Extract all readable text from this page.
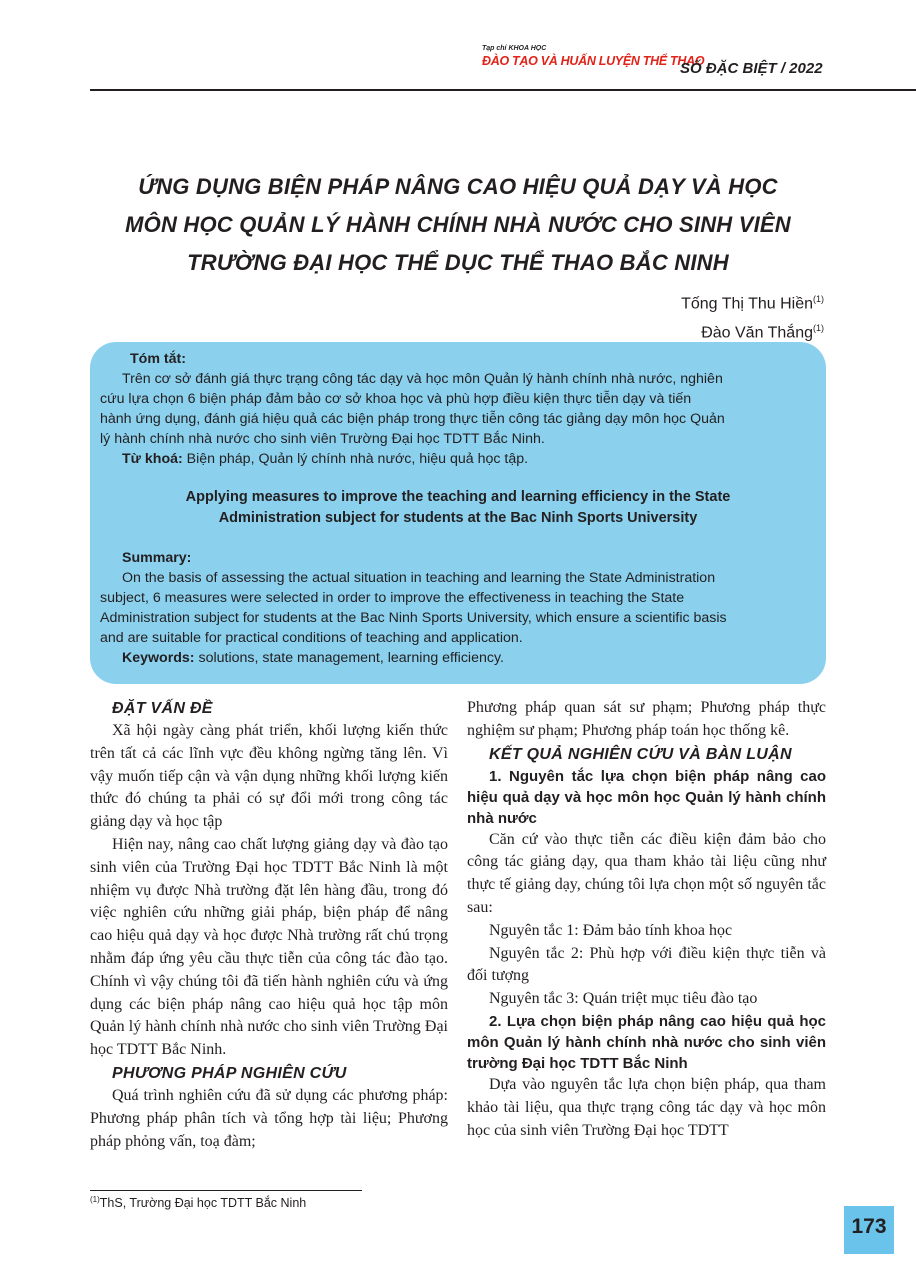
Tạp chí KHOA HỌC
ĐÀO TẠO VÀ HUẤN LUYỆN THỂ THAO
SỐ ĐẶC BIỆT / 2022
ỨNG DỤNG BIỆN PHÁP NÂNG CAO HIỆU QUẢ DẠY VÀ HỌC
MÔN HỌC QUẢN LÝ HÀNH CHÍNH NHÀ NƯỚC CHO SINH VIÊN
TRƯỜNG ĐẠI HỌC THỂ DỤC THỂ THAO BẮC NINH
Tống Thị Thu Hiền$^{(1)}$
Đào Văn Thắng$^{(1)}$
Tóm tắt:
Trên cơ sở đánh giá thực trạng công tác dạy và học môn Quản lý hành chính nhà nước, nghiên
cứu lựa chọn 6 biện pháp đảm bảo cơ sở khoa học và phù hợp điều kiện thực tiễn dạy và tiến
hành ứng dụng, đánh giá hiệu quả các biện pháp trong thực tiễn công tác giảng dạy môn học Quản
lý hành chính nhà nước cho sinh viên Trường Đại học TDTT Bắc Ninh.
Từ khoá: Biện pháp, Quản lý chính nhà nước, hiệu quả học tập.
Applying measures to improve the teaching and learning efficiency in the State
Administration subject for students at the Bac Ninh Sports University
Summary:
On the basis of assessing the actual situation in teaching and learning the State Administration
subject, 6 measures were selected in order to improve the effectiveness in teaching the State
Administration subject for students at the Bac Ninh Sports University, which ensure a scientific basis
and are suitable for practical conditions of teaching and application.
Keywords: solutions, state management, learning efficiency.
ĐẶT VẤN ĐỀ

Xã hội ngày càng phát triển, khối lượng kiến thức trên tất cả các lĩnh vực đều không ngừng tăng lên. Vì vậy muốn tiếp cận và vận dụng những khối lượng kiến thức đó chúng ta phải có sự đổi mới trong công tác giảng dạy và học tập

Hiện nay, nâng cao chất lượng giảng dạy và đào tạo sinh viên của Trường Đại học TDTT Bắc Ninh là một nhiệm vụ được Nhà trường đặt lên hàng đầu, trong đó việc nghiên cứu những giải pháp, biện pháp để nâng cao hiệu quả dạy và học được Nhà trường rất chú trọng nhằm đáp ứng yêu cầu thực tiễn của công tác đào tạo. Chính vì vậy chúng tôi đã tiến hành nghiên cứu và ứng dụng các biện pháp nâng cao hiệu quả học tập môn Quản lý hành chính nhà nước cho sinh viên Trường Đại học TDTT Bắc Ninh.

PHƯƠNG PHÁP NGHIÊN CỨU

Quá trình nghiên cứu đã sử dụng các phương pháp: Phương pháp phân tích và tổng hợp tài liệu; Phương pháp phỏng vấn, toạ đàm;

Phương pháp quan sát sư phạm; Phương pháp thực nghiệm sư phạm; Phương pháp toán học thống kê.

KẾT QUẢ NGHIÊN CỨU VÀ BÀN LUẬN
1. Nguyên tắc lựa chọn biện pháp nâng cao hiệu quả dạy và học môn học Quản lý hành chính nhà nước

Căn cứ vào thực tiễn các điều kiện đảm bảo cho công tác giảng dạy, qua tham khảo tài liệu cũng như thực tế giảng dạy, chúng tôi lựa chọn một số nguyên tắc sau:

Nguyên tắc 1: Đảm bảo tính khoa học

Nguyên tắc 2: Phù hợp với điều kiện thực tiễn và đối tượng

Nguyên tắc 3: Quán triệt mục tiêu đào tạo

2. Lựa chọn biện pháp nâng cao hiệu quả học môn Quản lý hành chính nhà nước cho sinh viên trường Đại học TDTT Bắc Ninh

Dựa vào nguyên tắc lựa chọn biện pháp, qua tham khảo tài liệu, qua thực trạng công tác dạy và học môn học của sinh viên Trường Đại học TDTT

$^{(1)}$ThS, Trường Đại học TDTT Bắc Ninh
173
